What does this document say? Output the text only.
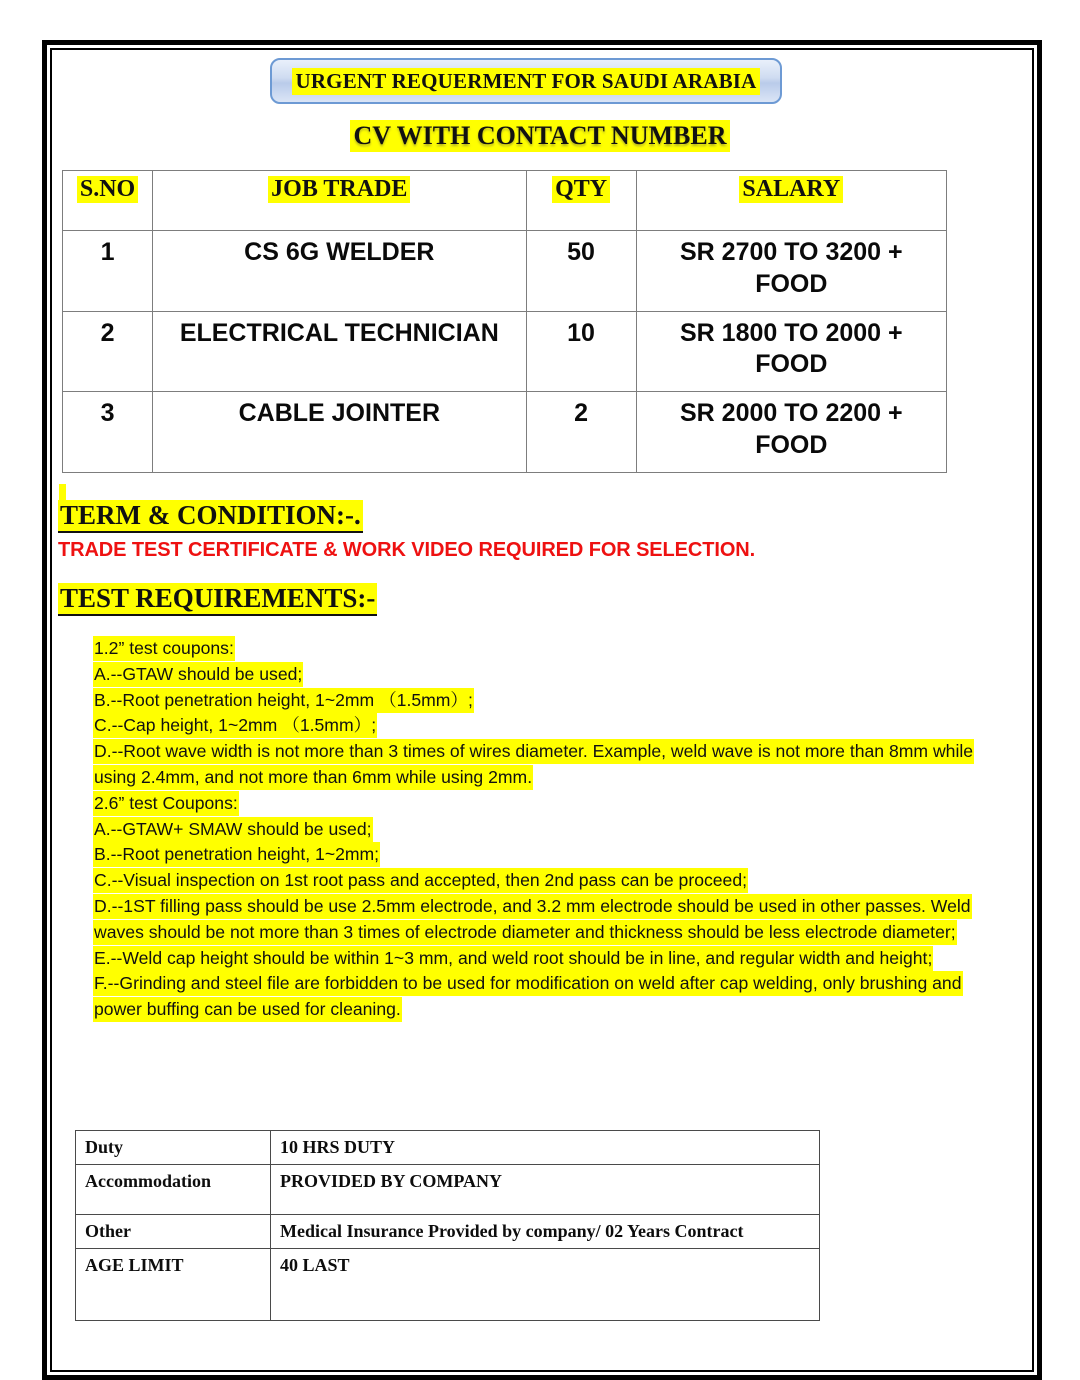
URGENT REQUERMENT FOR SAUDI ARABIA
CV WITH CONTACT NUMBER
S.NO	JOB TRADE	QTY	SALARY
1	CS 6G WELDER	50	SR 2700 TO 3200 + FOOD
2	ELECTRICAL TECHNICIAN	10	SR 1800 TO 2000 + FOOD
3	CABLE JOINTER	2	SR 2000 TO 2200 + FOOD
TERM & CONDITION:-.
TRADE TEST CERTIFICATE & WORK VIDEO REQUIRED FOR SELECTION.
TEST REQUIREMENTS:-

1.2” test coupons:

A.--GTAW should be used;

B.--Root penetration height, 1~2mm （1.5mm）;

C.--Cap height, 1~2mm （1.5mm）;

D.--Root wave width is not more than 3 times of wires diameter. Example, weld wave is not more than 8mm while using 2.4mm, and not more than 6mm while using 2mm.

2.6” test Coupons:

A.--GTAW+ SMAW should be used;

B.--Root penetration height, 1~2mm;

C.--Visual inspection on 1st root pass and accepted, then 2nd pass can be proceed;

D.--1ST filling pass should be use 2.5mm electrode, and 3.2 mm electrode should be used in other passes. Weld waves should be not more than 3 times of electrode diameter and thickness should be less electrode diameter;

E.--Weld cap height should be within 1~3 mm, and weld root should be in line, and regular width and height;

F.--Grinding and steel file are forbidden to be used for modification on weld after cap welding, only brushing and power buffing can be used for cleaning.

Duty	10 HRS DUTY
Accommodation	PROVIDED BY COMPANY
Other	Medical Insurance Provided by company/ 02 Years Contract
AGE LIMIT	40 LAST
